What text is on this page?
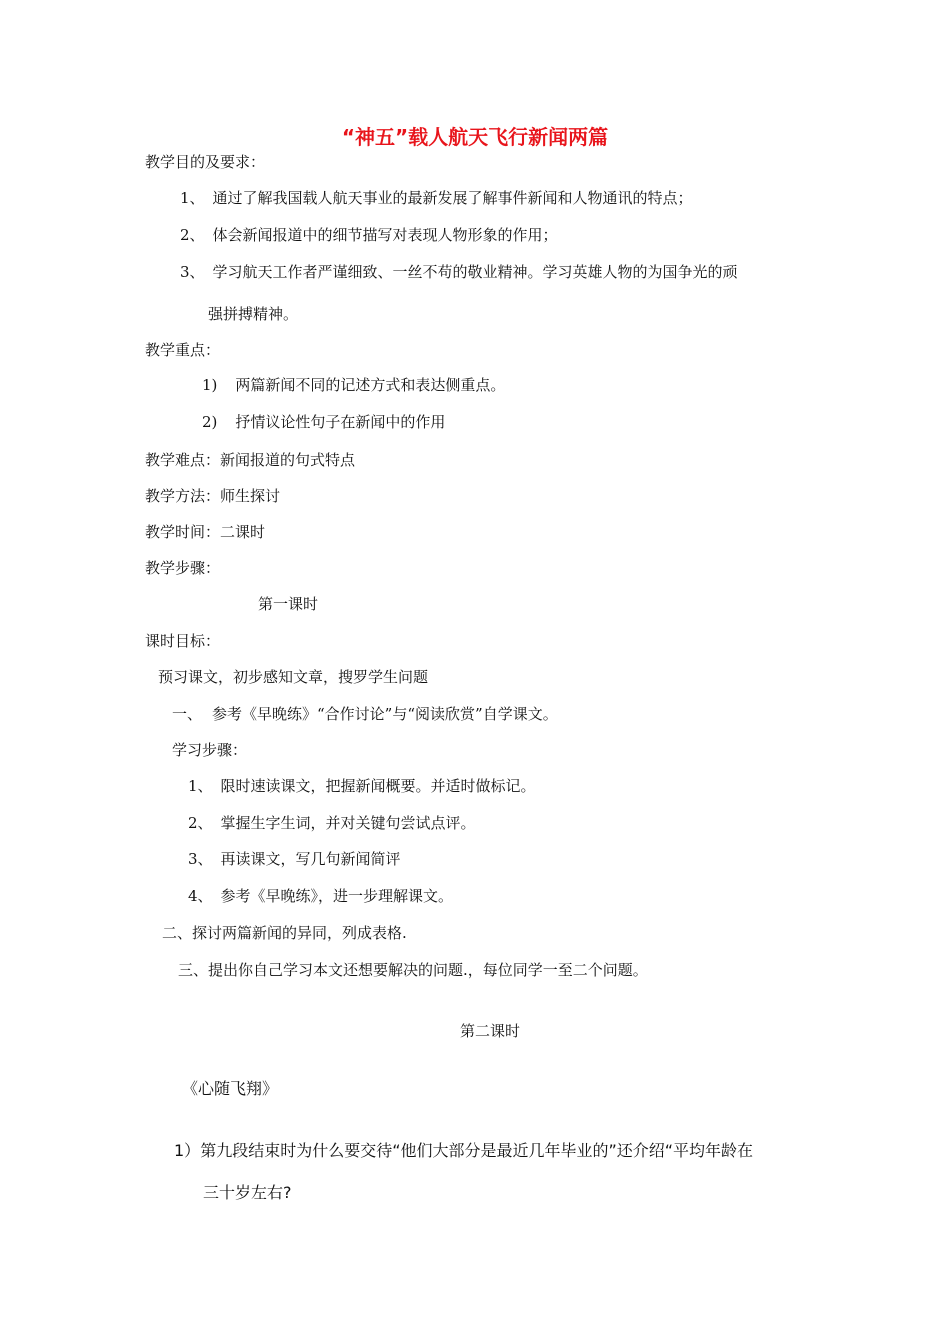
“神五”载人航天飞行新闻两篇
教学目的及要求：
1、 通过了解我国载人航天事业的最新发展了解事件新闻和人物通讯的特点；
2、 体会新闻报道中的细节描写对表现人物形象的作用；
3、 学习航天工作者严谨细致、一丝不苟的敬业精神。学习英雄人物的为国争光的顽
强拼搏精神。
教学重点：
1) 两篇新闻不同的记述方式和表达侧重点。
2) 抒情议论性句子在新闻中的作用
教学难点：新闻报道的句式特点
教学方法：师生探讨
教学时间：二课时
教学步骤：
第一课时
课时目标：
预习课文，初步感知文章，搜罗学生问题
一、 参考《早晚练》“合作讨论”与“阅读欣赏”自学课文。
学习步骤：
1、 限时速读课文，把握新闻概要。并适时做标记。
2、 掌握生字生词，并对关键句尝试点评。
3、 再读课文，写几句新闻简评
4、 参考《早晚练》，进一步理解课文。
二、探讨两篇新闻的异同，列成表格.
三、提出你自己学习本文还想要解决的问题.，每位同学一至二个问题。
第二课时
《心随飞翔》
1）第九段结束时为什么要交待“他们大部分是最近几年毕业的”还介绍“平均年龄在
三十岁左右?
